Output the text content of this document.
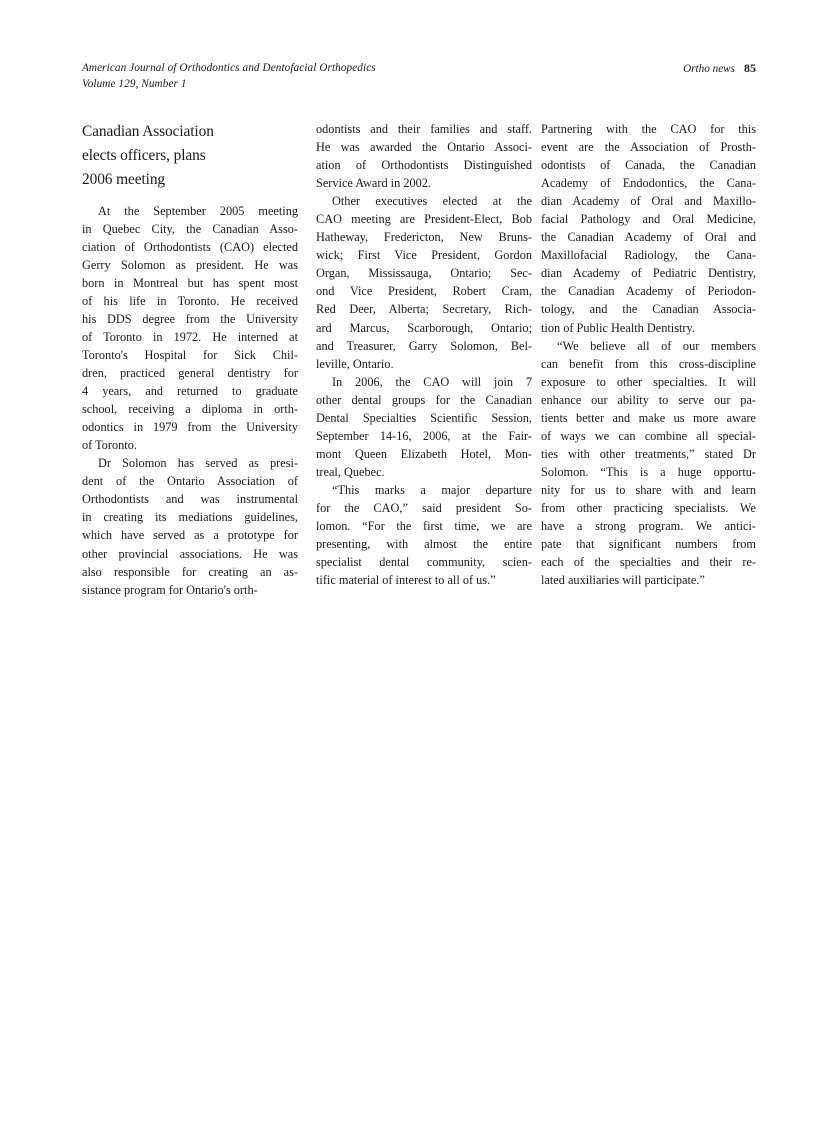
American Journal of Orthodontics and Dentofacial Orthopedics
Volume 129, Number 1
Ortho news 85
Canadian Association
elects officers, plans
2006 meeting

At the September 2005 meeting
in Quebec City, the Canadian Asso-
ciation of Orthodontists (CAO) elected
Gerry Solomon as president. He was
born in Montreal but has spent most
of his life in Toronto. He received
his DDS degree from the University
of Toronto in 1972. He interned at
Toronto's Hospital for Sick Chil-
dren, practiced general dentistry for
4 years, and returned to graduate
school, receiving a diploma in orth-
odontics in 1979 from the University
of Toronto.

Dr Solomon has served as presi-
dent of the Ontario Association of
Orthodontists and was instrumental
in creating its mediations guidelines,
which have served as a prototype for
other provincial associations. He was
also responsible for creating an as-
sistance program for Ontario's orth-

odontists and their families and staff.
He was awarded the Ontario Associ-
ation of Orthodontists Distinguished
Service Award in 2002.

Other executives elected at the
CAO meeting are President-Elect, Bob
Hatheway, Fredericton, New Bruns-
wick; First Vice President, Gordon
Organ, Mississauga, Ontario; Sec-
ond Vice President, Robert Cram,
Red Deer, Alberta; Secretary, Rich-
ard Marcus, Scarborough, Ontario;
and Treasurer, Garry Solomon, Bel-
leville, Ontario.

In 2006, the CAO will join 7
other dental groups for the Canadian
Dental Specialties Scientific Session,
September 14-16, 2006, at the Fair-
mont Queen Elizabeth Hotel, Mon-
treal, Quebec.

“This marks a major departure
for the CAO,” said president So-
lomon. “For the first time, we are
presenting, with almost the entire
specialist dental community, scien-
tific material of interest to all of us.”

Partnering with the CAO for this
event are the Association of Prosth-
odontists of Canada, the Canadian
Academy of Endodontics, the Cana-
dian Academy of Oral and Maxillo-
facial Pathology and Oral Medicine,
the Canadian Academy of Oral and
Maxillofacial Radiology, the Cana-
dian Academy of Pediatric Dentistry,
the Canadian Academy of Periodon-
tology, and the Canadian Associa-
tion of Public Health Dentistry.

“We believe all of our members
can benefit from this cross-discipline
exposure to other specialties. It will
enhance our ability to serve our pa-
tients better and make us more aware
of ways we can combine all special-
ties with other treatments,” stated Dr
Solomon. “This is a huge opportu-
nity for us to share with and learn
from other practicing specialists. We
have a strong program. We antici-
pate that significant numbers from
each of the specialties and their re-
lated auxiliaries will participate.”
